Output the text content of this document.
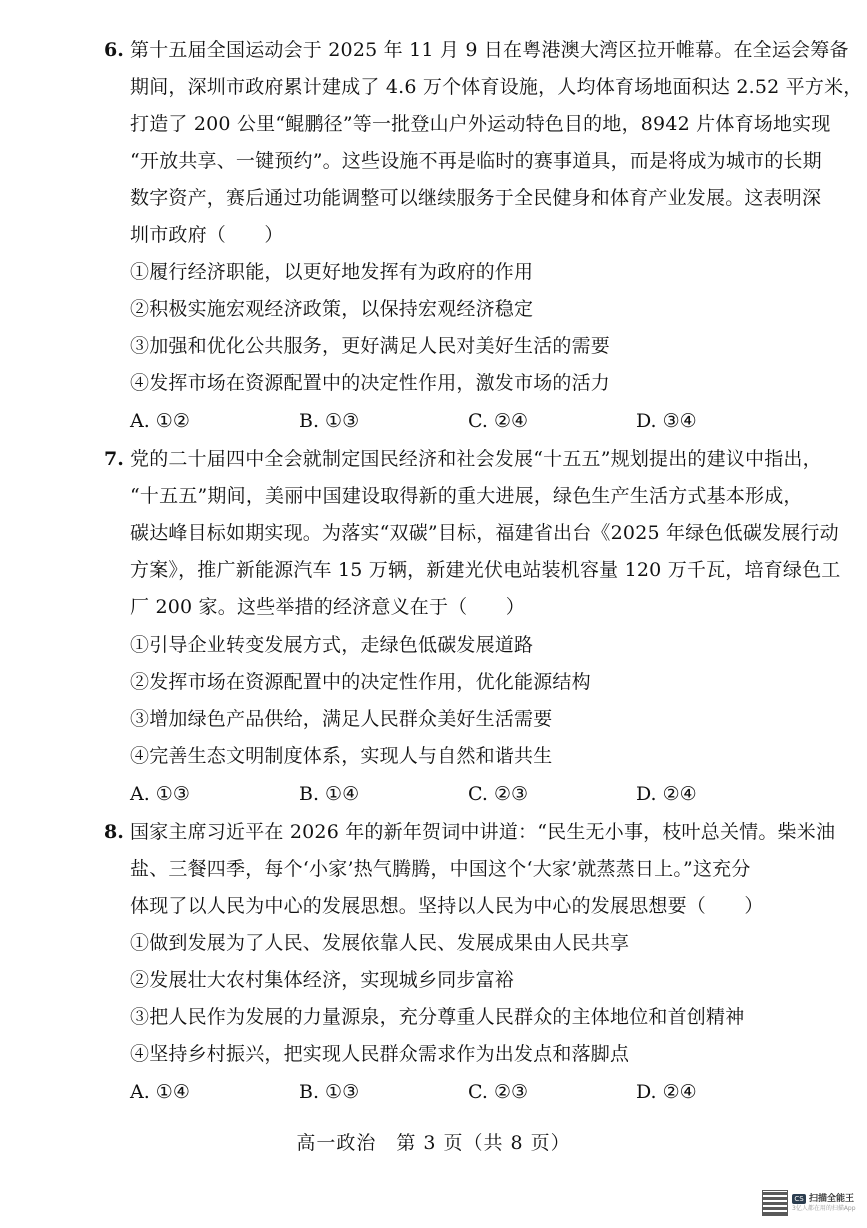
6. 第十五届全国运动会于 2025 年 11 月 9 日在粤港澳大湾区拉开帷幕。在全运会筹备
期间，深圳市政府累计建成了 4.6 万个体育设施，人均体育场地面积达 2.52 平方米，
打造了 200 公里“鲲鹏径”等一批登山户外运动特色目的地，8942 片体育场地实现
“开放共享、一键预约”。这些设施不再是临时的赛事道具，而是将成为城市的长期
数字资产，赛后通过功能调整可以继续服务于全民健身和体育产业发展。这表明深
圳市政府（　　）
①履行经济职能，以更好地发挥有为政府的作用
②积极实施宏观经济政策，以保持宏观经济稳定
③加强和优化公共服务，更好满足人民对美好生活的需要
④发挥市场在资源配置中的决定性作用，激发市场的活力
A. ①②	B. ①③	C. ②④	D. ③④
7. 党的二十届四中全会就制定国民经济和社会发展“十五五”规划提出的建议中指出，
“十五五”期间，美丽中国建设取得新的重大进展，绿色生产生活方式基本形成，
碳达峰目标如期实现。为落实“双碳”目标，福建省出台《2025 年绿色低碳发展行动
方案》，推广新能源汽车 15 万辆，新建光伏电站装机容量 120 万千瓦，培育绿色工
厂 200 家。这些举措的经济意义在于（　　）
①引导企业转变发展方式，走绿色低碳发展道路
②发挥市场在资源配置中的决定性作用，优化能源结构
③增加绿色产品供给，满足人民群众美好生活需要
④完善生态文明制度体系，实现人与自然和谐共生
A. ①③	B. ①④	C. ②③	D. ②④
8. 国家主席习近平在 2026 年的新年贺词中讲道：“民生无小事，枝叶总关情。柴米油
盐、三餐四季，每个‘小家’热气腾腾，中国这个‘大家’就蒸蒸日上。”这充分
体现了以人民为中心的发展思想。坚持以人民为中心的发展思想要（　　）
①做到发展为了人民、发展依靠人民、发展成果由人民共享
②发展壮大农村集体经济，实现城乡同步富裕
③把人民作为发展的力量源泉，充分尊重人民群众的主体地位和首创精神
④坚持乡村振兴，把实现人民群众需求作为出发点和落脚点
A. ①④	B. ①③	C. ②③	D. ②④
高一政治　第 3 页（共 8 页）
CS 扫描全能王
3亿人都在用的扫描App
